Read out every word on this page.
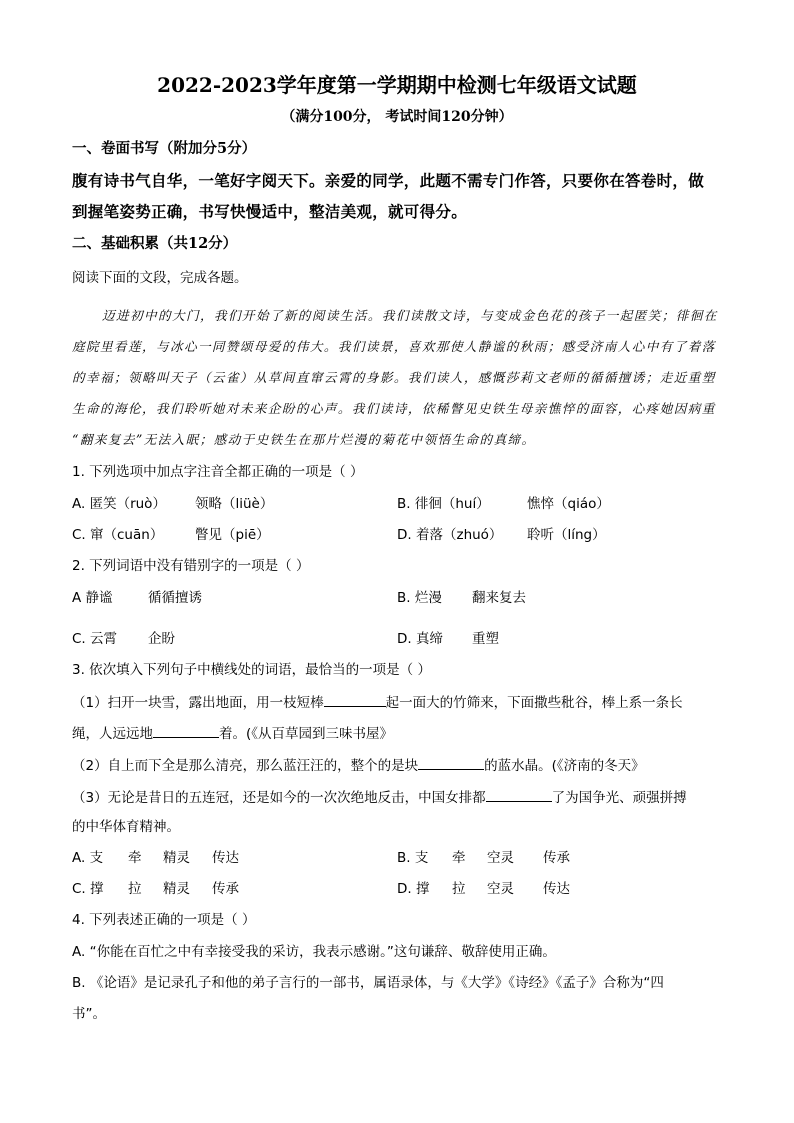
2022-2023学年度第一学期期中检测七年级语文试题
（满分100分， 考试时间120分钟）
一、卷面书写（附加分5分）
腹有诗书气自华，一笔好字阅天下。亲爱的同学，此题不需专门作答，只要你在答卷时，做
到握笔姿势正确，书写快慢适中，整洁美观，就可得分。
二、基础积累（共12分）
阅读下面的文段，完成各题。
迈进初中的大门，我们开始了新的阅读生活。我们读散文诗，与变成金色花的孩子一起匿笑；徘徊在
庭院里看莲，与冰心一同赞颂母爱的伟大。我们读景，喜欢那使人静谧的秋雨；感受济南人心中有了着落
的幸福；领略叫天子（云雀）从草间直窜云霄的身影。我们读人，感慨莎莉文老师的循循擅诱；走近重塑
生命的海伦，我们聆听她对未来企盼的心声。我们读诗，依稀瞥见史铁生母亲憔悴的面容，心疼她因病重
“翻来复去”无法入眠；感动于史铁生在那片烂漫的菊花中领悟生命的真缔。
1. 下列选项中加点字注音全都正确的一项是（ ）
A. 匿笑（ruò） 领略（liüè）	B. 徘徊（huí）	憔悴（qiáo）
C. 窜（cuān） 瞥见（piē）	D. 着落（zhuó） 聆听（líng）
2. 下列词语中没有错别字的一项是（ ）
A 静谧	循循擅诱	B. 烂漫 翻来复去
C. 云霄 企盼	D. 真缔 重塑
3. 依次填入下列句子中横线处的词语，最恰当的一项是（ ）
（1）扫开一块雪，露出地面，用一枝短棒	起一面大的竹筛来，下面撒些秕谷，棒上系一条长
绳，人远远地	着。(《从百草园到三味书屋》
（2）自上而下全是那么清亮，那么蓝汪汪的，整个的是块	的蓝水晶。(《济南的冬天》
（3）无论是昔日的五连冠，还是如今的一次次绝地反击，中国女排都	了为国争光、顽强拼搏
的中华体育精神。
A. 支 牵 精灵 传达	B. 支 牵 空灵 传承
C. 撑 拉 精灵 传承	D. 撑 拉 空灵 传达
4. 下列表述正确的一项是（ ）
A. “你能在百忙之中有幸接受我的采访，我表示感谢。”这句谦辞、敬辞使用正确。
B. 《论语》是记录孔子和他的弟子言行的一部书，属语录体，与《大学》《诗经》《孟子》合称为“四
书”。
